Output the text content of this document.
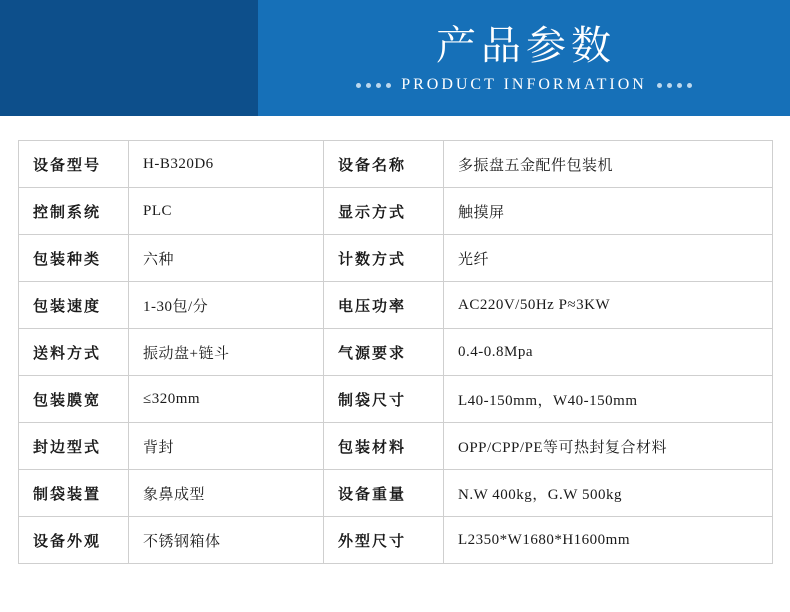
产品参数
PRODUCT INFORMATION
设备型号	H-B320D6	设备名称	多振盘五金配件包装机
控制系统	PLC	显示方式	触摸屏
包装种类	六种	计数方式	光纤
包装速度	1-30包/分	电压功率	AC220V/50Hz P≈3KW
送料方式	振动盘+链斗	气源要求	0.4-0.8Mpa
包装膜宽	≤320mm	制袋尺寸	L40-150mm，W40-150mm
封边型式	背封	包装材料	OPP/CPP/PE等可热封复合材料
制袋装置	象鼻成型	设备重量	N.W 400kg，G.W 500kg
设备外观	不锈钢箱体	外型尺寸	L2350*W1680*H1600mm
